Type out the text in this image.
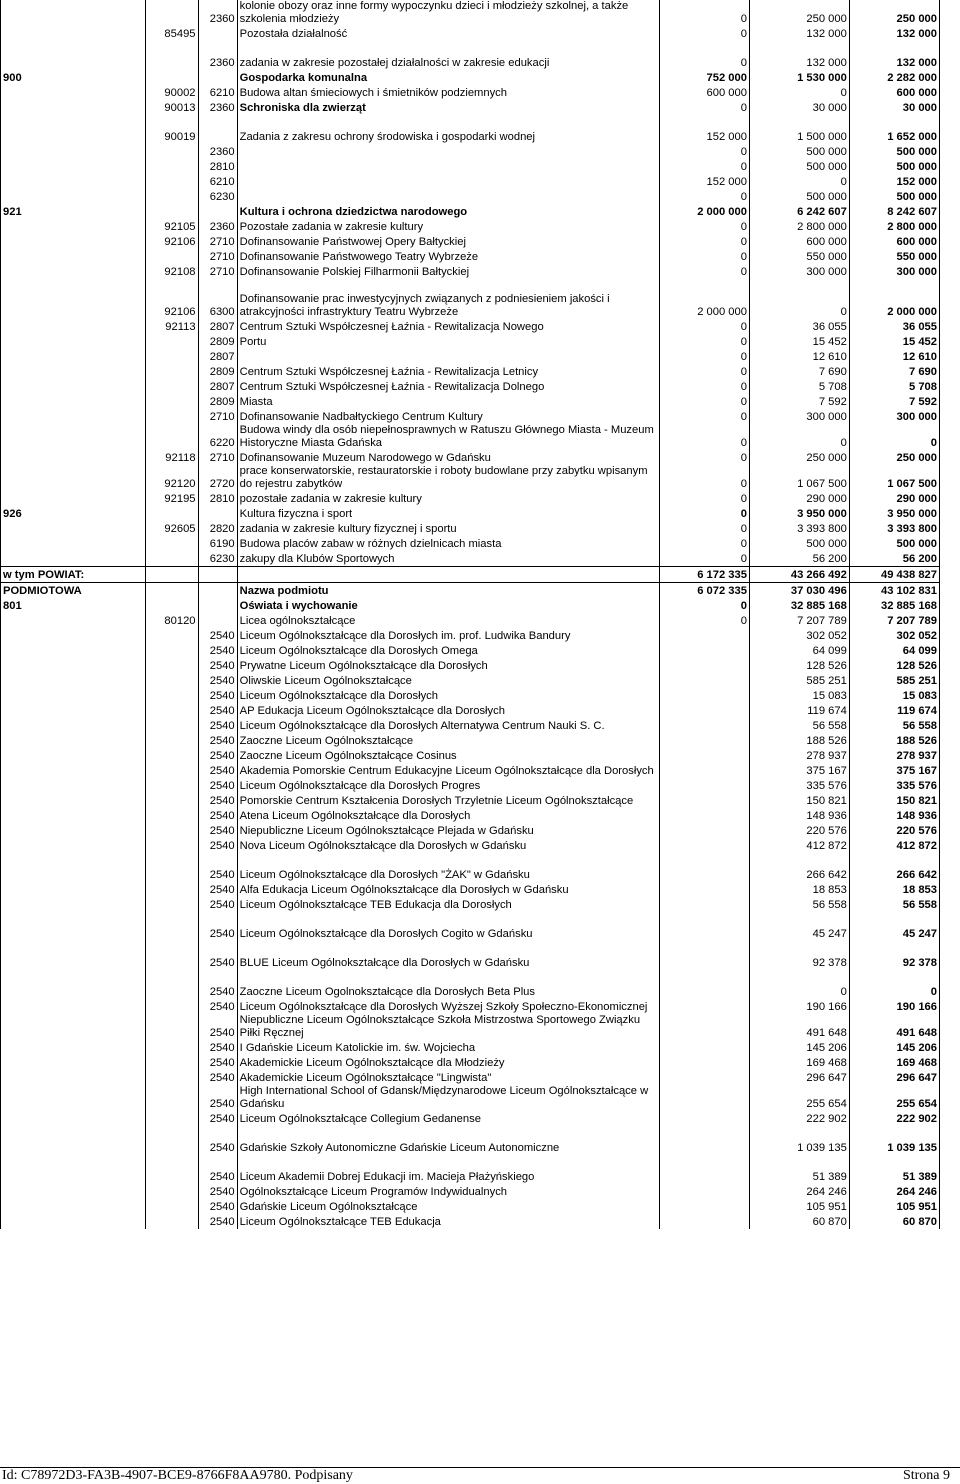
		2360	kolonie obozy oraz inne formy wypoczynku dzieci i młodzieży szkolnej, a także szkolenia młodzieży	0	250 000	250 000
	85495		Pozostała działalność	0	132 000	132 000

		2360	zadania w zakresie pozostałej działalności w zakresie edukacji	0	132 000	132 000
900			Gospodarka komunalna	752 000	1 530 000	2 282 000
	90002	6210	Budowa altan śmieciowych i śmietników podziemnych	600 000	0	600 000
	90013	2360	Schroniska dla zwierząt	0	30 000	30 000

	90019		Zadania z zakresu ochrony środowiska i gospodarki wodnej	152 000	1 500 000	1 652 000
		2360		0	500 000	500 000
		2810		0	500 000	500 000
		6210		152 000	0	152 000
		6230		0	500 000	500 000
921			Kultura i ochrona dziedzictwa narodowego	2 000 000	6 242 607	8 242 607
	92105	2360	Pozostałe zadania w zakresie kultury	0	2 800 000	2 800 000
	92106	2710	Dofinansowanie Państwowej Opery Bałtyckiej	0	600 000	600 000
		2710	Dofinansowanie Państwowego Teatry Wybrzeże	0	550 000	550 000
	92108	2710	Dofinansowanie Polskiej Filharmonii Bałtyckiej	0	300 000	300 000

	92106	6300	Dofinansowanie prac inwestycyjnych związanych z podniesieniem jakości i atrakcyjności infrastryktury Teatru Wybrzeże	2 000 000	0	2 000 000
	92113	2807	Centrum Sztuki Współczesnej Łaźnia - Rewitalizacja Nowego	0	36 055	36 055
		2809	Portu	0	15 452	15 452
		2807		0	12 610	12 610
		2809	Centrum Sztuki Współczesnej Łaźnia - Rewitalizacja Letnicy	0	7 690	7 690
		2807	Centrum Sztuki Współczesnej Łaźnia - Rewitalizacja Dolnego	0	5 708	5 708
		2809	Miasta	0	7 592	7 592
		2710	Dofinansowanie Nadbałtyckiego Centrum Kultury	0	300 000	300 000
		6220	Budowa windy dla osób niepełnosprawnych w Ratuszu Głównego Miasta - Muzeum Historyczne Miasta Gdańska	0	0	0
	92118	2710	Dofinansowanie Muzeum Narodowego w Gdańsku	0	250 000	250 000
	92120	2720	prace konserwatorskie, restauratorskie i roboty budowlane przy zabytku wpisanym do rejestru zabytków	0	1 067 500	1 067 500
	92195	2810	pozostałe zadania w zakresie kultury	0	290 000	290 000
926			Kultura fizyczna i sport	0	3 950 000	3 950 000
	92605	2820	zadania w zakresie kultury fizycznej i sportu	0	3 393 800	3 393 800
		6190	Budowa placów zabaw w różnych dzielnicach miasta	0	500 000	500 000
		6230	zakupy dla Klubów Sportowych	0	56 200	56 200
w tym POWIAT:				6 172 335	43 266 492	49 438 827
PODMIOTOWA			Nazwa podmiotu	6 072 335	37 030 496	43 102 831
801			Oświata i wychowanie	0	32 885 168	32 885 168
	80120		Licea ogólnokształcące	0	7 207 789	7 207 789
		2540	Liceum Ogólnokształcące dla Dorosłych im. prof. Ludwika Bandury		302 052	302 052
		2540	Liceum Ogólnokształcące dla Dorosłych Omega		64 099	64 099
		2540	Prywatne Liceum Ogólnokształcące dla Dorosłych		128 526	128 526
		2540	Oliwskie Liceum Ogólnokształcące		585 251	585 251
		2540	Liceum Ogólnokształcące dla Dorosłych		15 083	15 083
		2540	AP Edukacja Liceum Ogólnokształcące dla Dorosłych		119 674	119 674
		2540	Liceum Ogólnokształcące dla Dorosłych Alternatywa Centrum Nauki S. C.		56 558	56 558
		2540	Zaoczne Liceum Ogólnokształcące		188 526	188 526
		2540	Zaoczne Liceum Ogólnokształcące Cosinus		278 937	278 937
		2540	Akademia Pomorskie Centrum Edukacyjne Liceum Ogólnokształcące dla Dorosłych		375 167	375 167
		2540	Liceum Ogólnokształcące dla Dorosłych Progres		335 576	335 576
		2540	Pomorskie Centrum Kształcenia Dorosłych Trzyletnie Liceum Ogólnokształcące		150 821	150 821
		2540	Atena Liceum Ogólnokształcące dla Dorosłych		148 936	148 936
		2540	Niepubliczne Liceum Ogólnokształcące Plejada w Gdańsku		220 576	220 576
		2540	Nova Liceum Ogólnokształcące dla Dorosłych w Gdańsku		412 872	412 872

		2540	Liceum Ogólnokształcące dla Dorosłych "ŻAK" w Gdańsku		266 642	266 642
		2540	Alfa Edukacja Liceum Ogólnokształcące dla Dorosłych w Gdańsku		18 853	18 853
		2540	Liceum Ogólnokształcące TEB Edukacja dla Dorosłych		56 558	56 558

		2540	Liceum Ogólnokształcące dla Dorosłych Cogito w Gdańsku		45 247	45 247

		2540	BLUE Liceum Ogólnokształcące dla Dorosłych w Gdańsku		92 378	92 378

		2540	Zaoczne Liceum Ogolnokształcące dla Dorosłych Beta Plus		0	0
		2540	Liceum Ogólnokształcące dla Dorosłych Wyższej Szkoły Społeczno-Ekonomicznej		190 166	190 166
		2540	Niepubliczne Liceum Ogólnokształcące Szkoła Mistrzostwa Sportowego Związku Piłki Ręcznej		491 648	491 648
		2540	I Gdańskie Liceum Katolickie im. św. Wojciecha		145 206	145 206
		2540	Akademickie Liceum Ogólnokształcące dla Młodzieży		169 468	169 468
		2540	Akademickie Liceum Ogólnokształcące "Lingwista"		296 647	296 647
		2540	High International School of Gdansk/Międzynarodowe Liceum Ogólnokształcące w Gdańsku		255 654	255 654
		2540	Liceum Ogólnokształcące Collegium Gedanense		222 902	222 902

		2540	Gdańskie Szkoły Autonomiczne Gdańskie Liceum Autonomiczne		1 039 135	1 039 135

		2540	Liceum Akademii Dobrej Edukacji im. Macieja Płażyńskiego		51 389	51 389
		2540	Ogólnokształcące Liceum Programów Indywidualnych		264 246	264 246
		2540	Gdańskie Liceum Ogólnokształcące		105 951	105 951
		2540	Liceum Ogólnokształcące TEB Edukacja		60 870	60 870
Id: C78972D3-FA3B-4907-BCE9-8766F8AA9780. Podpisany	Strona 9
